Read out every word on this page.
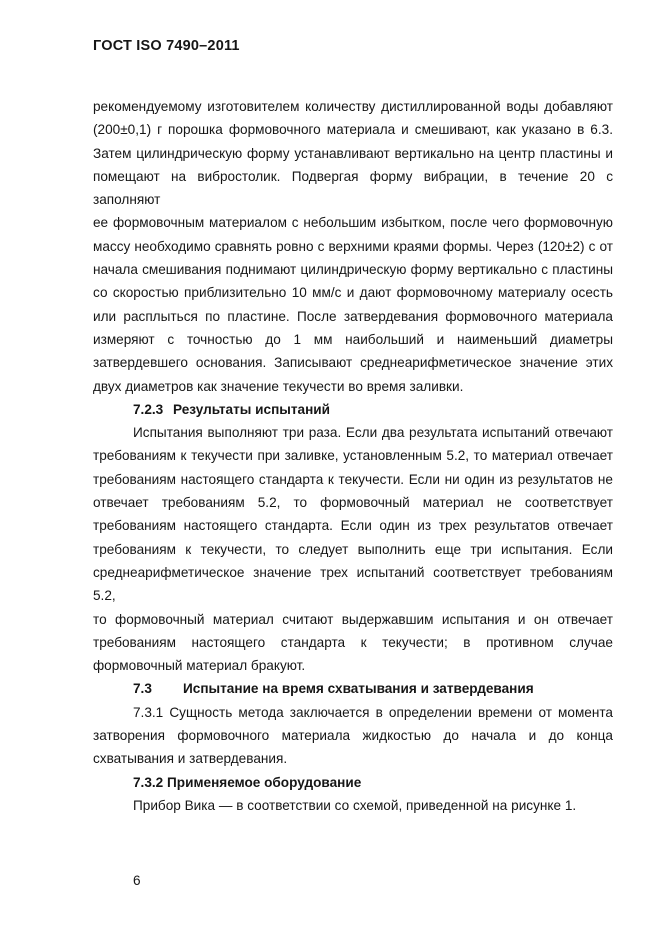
ГОСТ ISO 7490–2011

рекомендуемому изготовителем количеству дистиллированной воды добавляют

(200±0,1) г порошка формовочного материала и смешивают, как указано в 6.3.

Затем цилиндрическую форму устанавливают вертикально на центр пластины и

помещают на вибростолик. Подвергая форму вибрации, в течение 20 с заполняют

ее формовочным материалом с небольшим избытком, после чего формовочную

массу необходимо сравнять ровно с верхними краями формы. Через (120±2) с от

начала смешивания поднимают цилиндрическую форму вертикально с пластины

со скоростью приблизительно 10 мм/с и дают формовочному материалу осесть

или расплыться по пластине. После затвердевания формовочного материала

измеряют с точностью до 1 мм наибольший и наименьший диаметры

затвердевшего основания. Записывают среднеарифметическое значение этих

двух диаметров как значение текучести во время заливки.

7.2.3 Результаты испытаний

Испытания выполняют три раза. Если два результата испытаний отвечают

требованиям к текучести при заливке, установленным 5.2, то материал отвечает

требованиям настоящего стандарта к текучести. Если ни один из результатов не

отвечает требованиям 5.2, то формовочный материал не соответствует

требованиям настоящего стандарта. Если один из трех результатов отвечает

требованиям к текучести, то следует выполнить еще три испытания. Если

среднеарифметическое значение трех испытаний соответствует требованиям 5.2,

то формовочный материал считают выдержавшим испытания и он отвечает

требованиям настоящего стандарта к текучести; в противном случае

формовочный материал бракуют.

7.3 Испытание на время схватывания и затвердевания

7.3.1 Сущность метода заключается в определении времени от момента

затворения формовочного материала жидкостью до начала и до конца

схватывания и затвердевания.

7.3.2 Применяемое оборудование

Прибор Вика — в соответствии со схемой, приведенной на рисунке 1.

6
